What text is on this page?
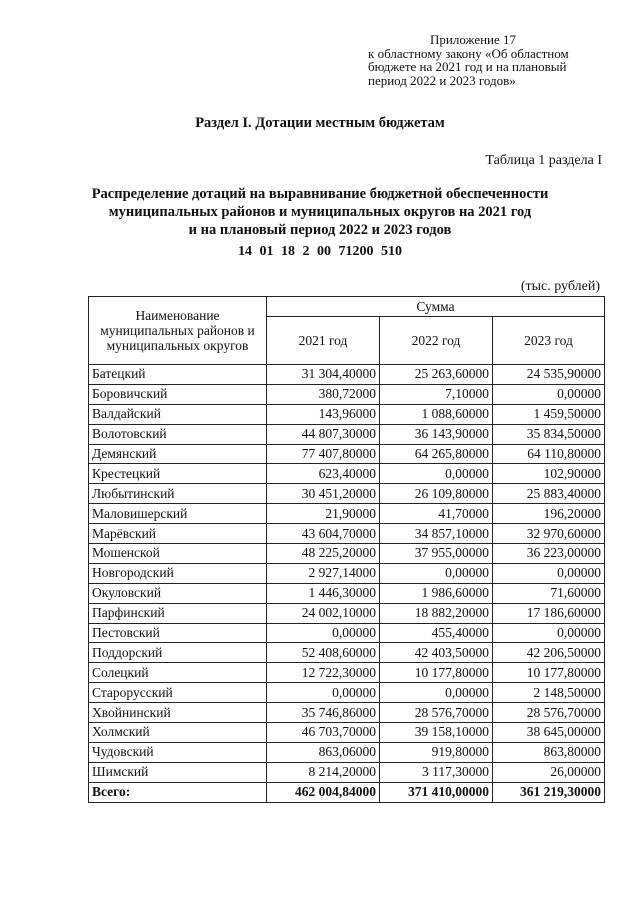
Приложение 17
к областному закону «Об областном
бюджете на 2021 год и на плановый
период 2022 и 2023 годов»
Раздел I. Дотации местным бюджетам
Таблица 1 раздела I
Распределение дотаций на выравнивание бюджетной обеспеченности
муниципальных районов и муниципальных округов на 2021 год
и на плановый период 2022 и 2023 годов
14 01 18 2 00 71200 510
(тыс. рублей)
Наименование муниципальных районов и муниципальных округов	Сумма		
	2021 год	2022 год	2023 год
Батецкий	31 304,40000	25 263,60000	24 535,90000
Боровичский	380,72000	7,10000	0,00000
Валдайский	143,96000	1 088,60000	1 459,50000
Волотовский	44 807,30000	36 143,90000	35 834,50000
Демянский	77 407,80000	64 265,80000	64 110,80000
Крестецкий	623,40000	0,00000	102,90000
Любытинский	30 451,20000	26 109,80000	25 883,40000
Маловишерский	21,90000	41,70000	196,20000
Марёвский	43 604,70000	34 857,10000	32 970,60000
Мошенской	48 225,20000	37 955,00000	36 223,00000
Новгородский	2 927,14000	0,00000	0,00000
Окуловский	1 446,30000	1 986,60000	71,60000
Парфинский	24 002,10000	18 882,20000	17 186,60000
Пестовский	0,00000	455,40000	0,00000
Поддорский	52 408,60000	42 403,50000	42 206,50000
Солецкий	12 722,30000	10 177,80000	10 177,80000
Старорусский	0,00000	0,00000	2 148,50000
Хвойнинский	35 746,86000	28 576,70000	28 576,70000
Холмский	46 703,70000	39 158,10000	38 645,00000
Чудовский	863,06000	919,80000	863,80000
Шимский	8 214,20000	3 117,30000	26,00000
Всего:	462 004,84000	371 410,00000	361 219,30000
